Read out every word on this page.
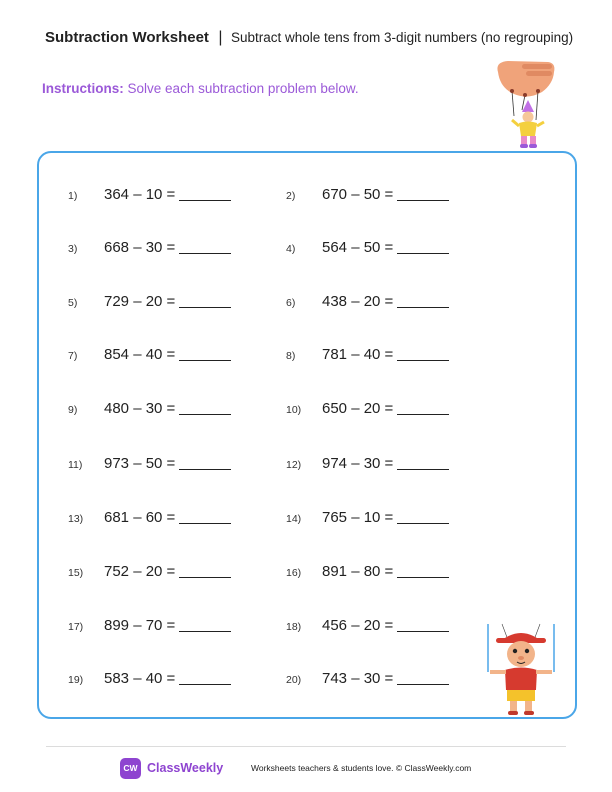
Subtraction Worksheet | Subtract whole tens from 3-digit numbers (no regrouping)
Instructions: Solve each subtraction problem below.
1) 364 – 10 =
3) 668 – 30 =
5) 729 – 20 =
7) 854 – 40 =
9) 480 – 30 =
11) 973 – 50 =
13) 681 – 60 =
15) 752 – 20 =
17) 899 – 70 =
19) 583 – 40 =
2) 670 – 50 =
4) 564 – 50 =
6) 438 – 20 =
8) 781 – 40 =
10) 650 – 20 =
12) 974 – 30 =
14) 765 – 10 =
16) 891 – 80 =
18) 456 – 20 =
20) 743 – 30 =
CW ClassWeekly	Worksheets teachers & students love. © ClassWeekly.com
